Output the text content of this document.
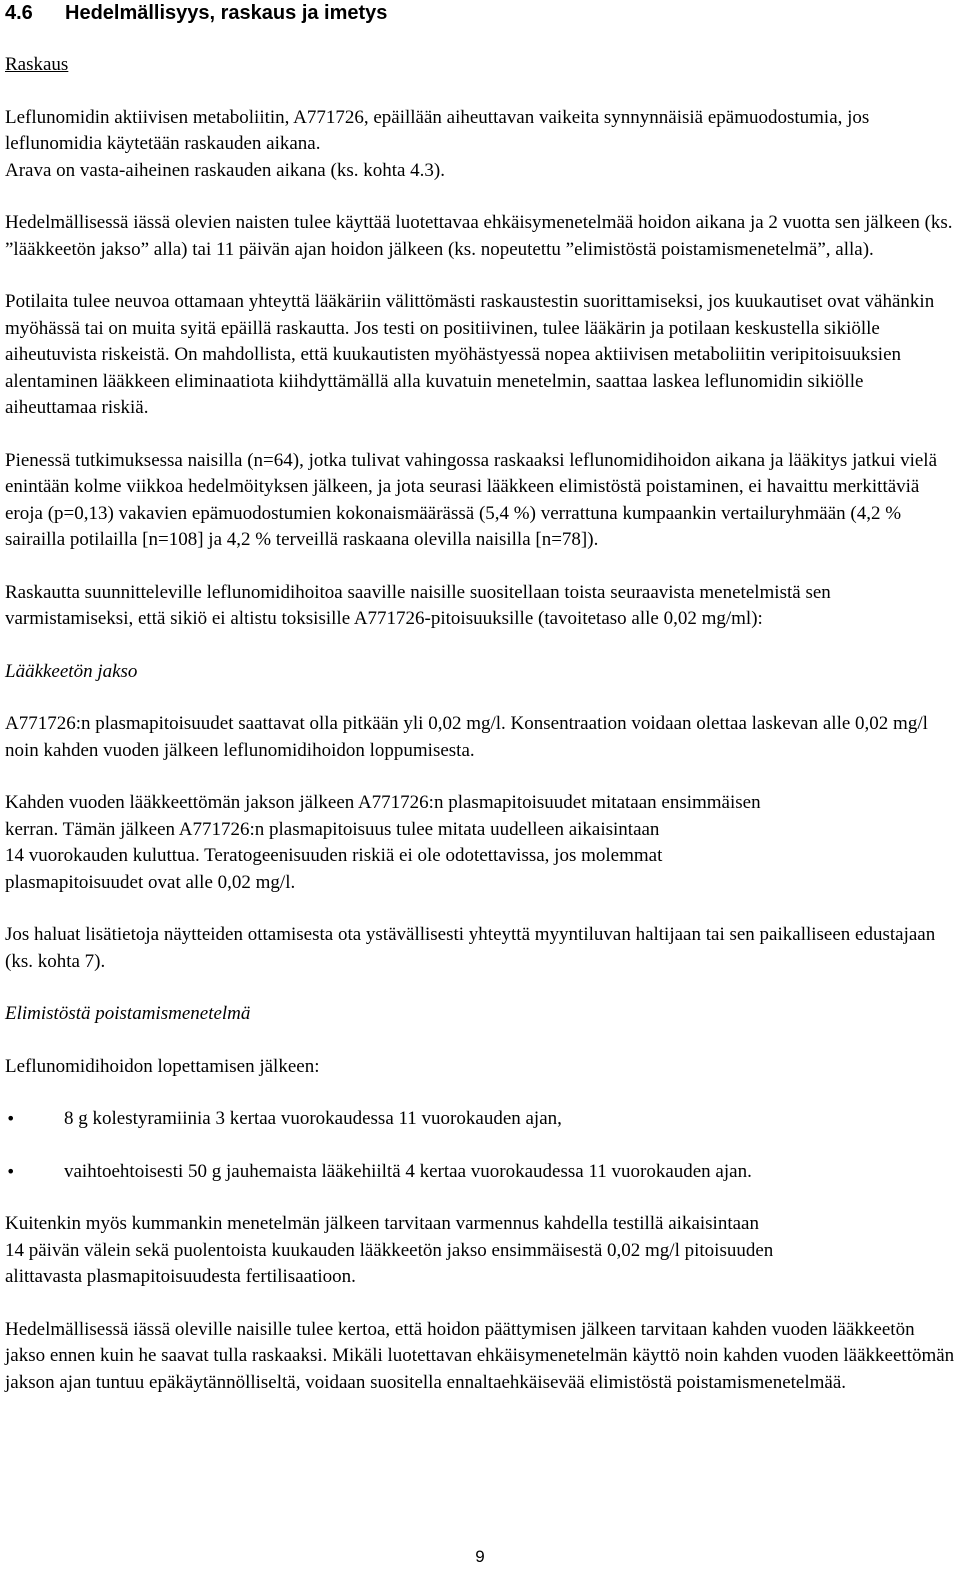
4.6	Hedelmällisyys, raskaus ja imetys

Raskaus

Leflunomidin aktiivisen metaboliitin, A771726, epäillään aiheuttavan vaikeita synnynnäisiä epämuodostumia, jos leflunomidia käytetään raskauden aikana.

Arava on vasta-aiheinen raskauden aikana (ks. kohta 4.3).

Hedelmällisessä iässä olevien naisten tulee käyttää luotettavaa ehkäisymenetelmää hoidon aikana ja 2 vuotta sen jälkeen (ks. ”lääkkeetön jakso” alla) tai 11 päivän ajan hoidon jälkeen (ks. nopeutettu ”elimistöstä poistamismenetelmä”, alla).

Potilaita tulee neuvoa ottamaan yhteyttä lääkäriin välittömästi raskaustestin suorittamiseksi, jos kuukautiset ovat vähänkin myöhässä tai on muita syitä epäillä raskautta. Jos testi on positiivinen, tulee lääkärin ja potilaan keskustella sikiölle aiheutuvista riskeistä. On mahdollista, että kuukautisten myöhästyessä nopea aktiivisen metaboliitin veripitoisuuksien alentaminen lääkkeen eliminaatiota kiihdyttämällä alla kuvatuin menetelmin, saattaa laskea leflunomidin sikiölle aiheuttamaa riskiä.

Pienessä tutkimuksessa naisilla (n=64), jotka tulivat vahingossa raskaaksi leflunomidihoidon aikana ja lääkitys jatkui vielä enintään kolme viikkoa hedelmöityksen jälkeen, ja jota seurasi lääkkeen elimistöstä poistaminen, ei havaittu merkittäviä eroja (p=0,13) vakavien epämuodostumien kokonaismäärässä (5,4 %) verrattuna kumpaankin vertailuryhmään (4,2 % sairailla potilailla [n=108] ja 4,2 % terveillä raskaana olevilla naisilla [n=78]).

Raskautta suunnitteleville leflunomidihoitoa saaville naisille suositellaan toista seuraavista menetelmistä sen varmistamiseksi, että sikiö ei altistu toksisille A771726-pitoisuuksille (tavoitetaso alle 0,02 mg/ml):

Lääkkeetön jakso

A771726:n plasmapitoisuudet saattavat olla pitkään yli 0,02 mg/l. Konsentraation voidaan olettaa laskevan alle 0,02 mg/l noin kahden vuoden jälkeen leflunomidihoidon loppumisesta.

Kahden vuoden lääkkeettömän jakson jälkeen A771726:n plasmapitoisuudet mitataan ensimmäisen
kerran. Tämän jälkeen A771726:n plasmapitoisuus tulee mitata uudelleen aikaisintaan
14 vuorokauden kuluttua. Teratogeenisuuden riskiä ei ole odotettavissa, jos molemmat
plasmapitoisuudet ovat alle 0,02 mg/l.

Jos haluat lisätietoja näytteiden ottamisesta ota ystävällisesti yhteyttä myyntiluvan haltijaan tai sen paikalliseen edustajaan (ks. kohta 7).

Elimistöstä poistamismenetelmä

Leflunomidihoidon lopettamisen jälkeen:

•	8 g kolestyramiinia 3 kertaa vuorokaudessa 11 vuorokauden ajan,
•	vaihtoehtoisesti 50 g jauhemaista lääkehiiltä 4 kertaa vuorokaudessa 11 vuorokauden ajan.
Kuitenkin myös kummankin menetelmän jälkeen tarvitaan varmennus kahdella testillä aikaisintaan
14 päivän välein sekä puolentoista kuukauden lääkkeetön jakso ensimmäisestä 0,02 mg/l pitoisuuden
alittavasta plasmapitoisuudesta fertilisaatioon.

Hedelmällisessä iässä oleville naisille tulee kertoa, että hoidon päättymisen jälkeen tarvitaan kahden vuoden lääkkeetön jakso ennen kuin he saavat tulla raskaaksi. Mikäli luotettavan ehkäisymenetelmän käyttö noin kahden vuoden lääkkeettömän jakson ajan tuntuu epäkäytännölliseltä, voidaan suositella ennaltaehkäisevää elimistöstä poistamismenetelmää.

9
